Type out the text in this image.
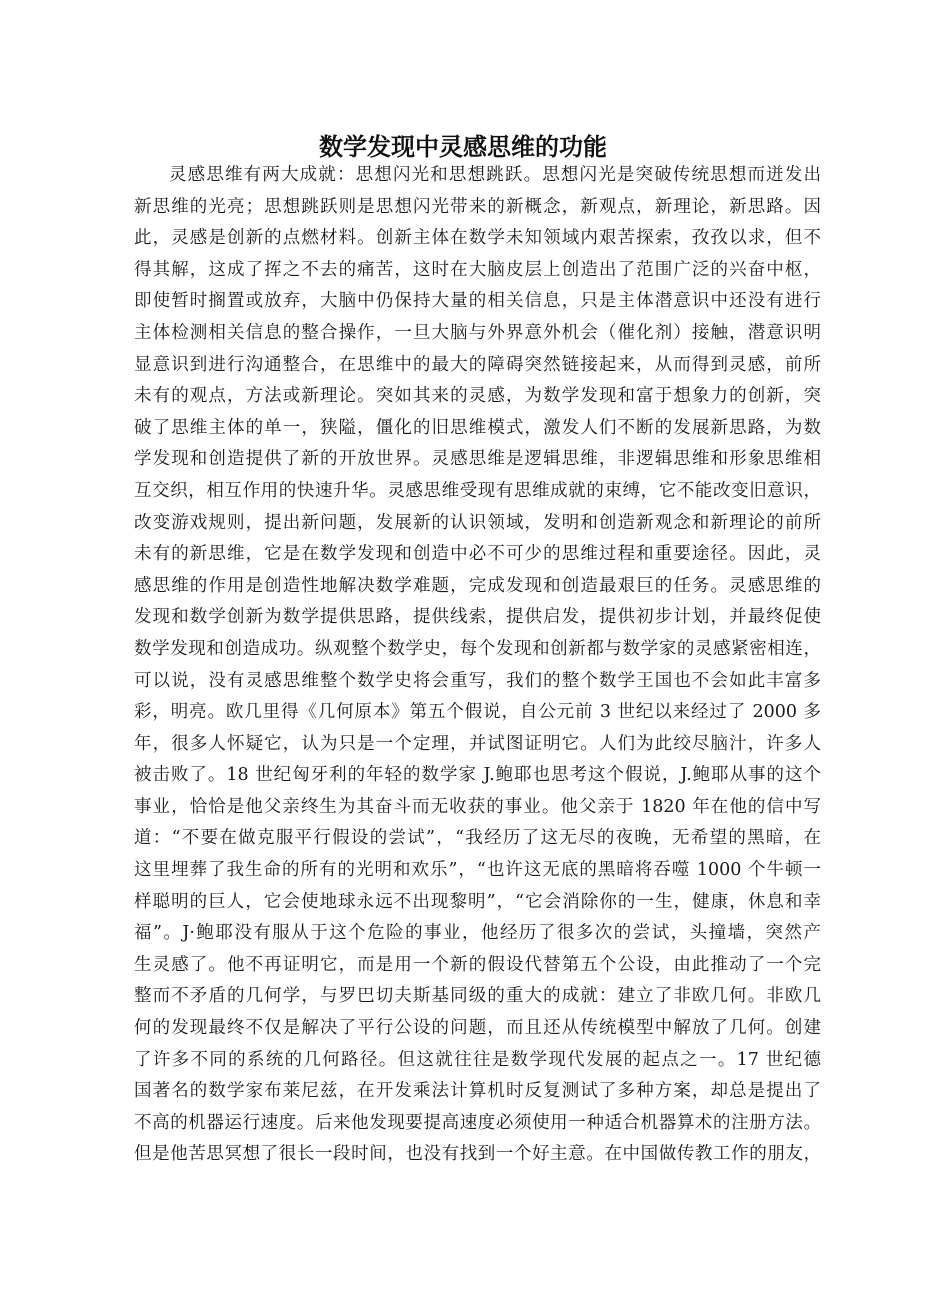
数学发现中灵感思维的功能
灵感思维有两大成就：思想闪光和思想跳跃。思想闪光是突破传统思想而迸发出
新思维的光亮；思想跳跃则是思想闪光带来的新概念，新观点，新理论，新思路。因
此，灵感是创新的点燃材料。创新主体在数学未知领域内艰苦探索，孜孜以求，但不
得其解，这成了挥之不去的痛苦，这时在大脑皮层上创造出了范围广泛的兴奋中枢，
即使暂时搁置或放弃，大脑中仍保持大量的相关信息，只是主体潜意识中还没有进行
主体检测相关信息的整合操作，一旦大脑与外界意外机会（催化剂）接触，潜意识明
显意识到进行沟通整合，在思维中的最大的障碍突然链接起来，从而得到灵感，前所
未有的观点，方法或新理论。突如其来的灵感，为数学发现和富于想象力的创新，突
破了思维主体的单一，狭隘，僵化的旧思维模式，激发人们不断的发展新思路，为数
学发现和创造提供了新的开放世界。灵感思维是逻辑思维，非逻辑思维和形象思维相
互交织，相互作用的快速升华。灵感思维受现有思维成就的束缚，它不能改变旧意识，
改变游戏规则，提出新问题，发展新的认识领域，发明和创造新观念和新理论的前所
未有的新思维，它是在数学发现和创造中必不可少的思维过程和重要途径。因此，灵
感思维的作用是创造性地解决数学难题，完成发现和创造最艰巨的任务。灵感思维的
发现和数学创新为数学提供思路，提供线索，提供启发，提供初步计划，并最终促使
数学发现和创造成功。纵观整个数学史，每个发现和创新都与数学家的灵感紧密相连，
可以说，没有灵感思维整个数学史将会重写，我们的整个数学王国也不会如此丰富多
彩，明亮。欧几里得《几何原本》第五个假说，自公元前 3 世纪以来经过了 2000 多
年，很多人怀疑它，认为只是一个定理，并试图证明它。人们为此绞尽脑汁，许多人
被击败了。18 世纪匈牙利的年轻的数学家 J.鲍耶也思考这个假说，J.鲍耶从事的这个
事业，恰恰是他父亲终生为其奋斗而无收获的事业。他父亲于 1820 年在他的信中写
道：“不要在做克服平行假设的尝试”，“我经历了这无尽的夜晚，无希望的黑暗，在
这里埋葬了我生命的所有的光明和欢乐”，“也许这无底的黑暗将吞噬 1000 个牛顿一
样聪明的巨人，它会使地球永远不出现黎明”，“它会消除你的一生，健康，休息和幸
福”。J·鲍耶没有服从于这个危险的事业，他经历了很多次的尝试，头撞墙，突然产
生灵感了。他不再证明它，而是用一个新的假设代替第五个公设，由此推动了一个完
整而不矛盾的几何学，与罗巴切夫斯基同级的重大的成就：建立了非欧几何。非欧几
何的发现最终不仅是解决了平行公设的问题，而且还从传统模型中解放了几何。创建
了许多不同的系统的几何路径。但这就往往是数学现代发展的起点之一。17 世纪德
国著名的数学家布莱尼兹，在开发乘法计算机时反复测试了多种方案，却总是提出了
不高的机器运行速度。后来他发现要提高速度必须使用一种适合机器算术的注册方法。
但是他苦思冥想了很长一段时间，也没有找到一个好主意。在中国做传教工作的朋友，
